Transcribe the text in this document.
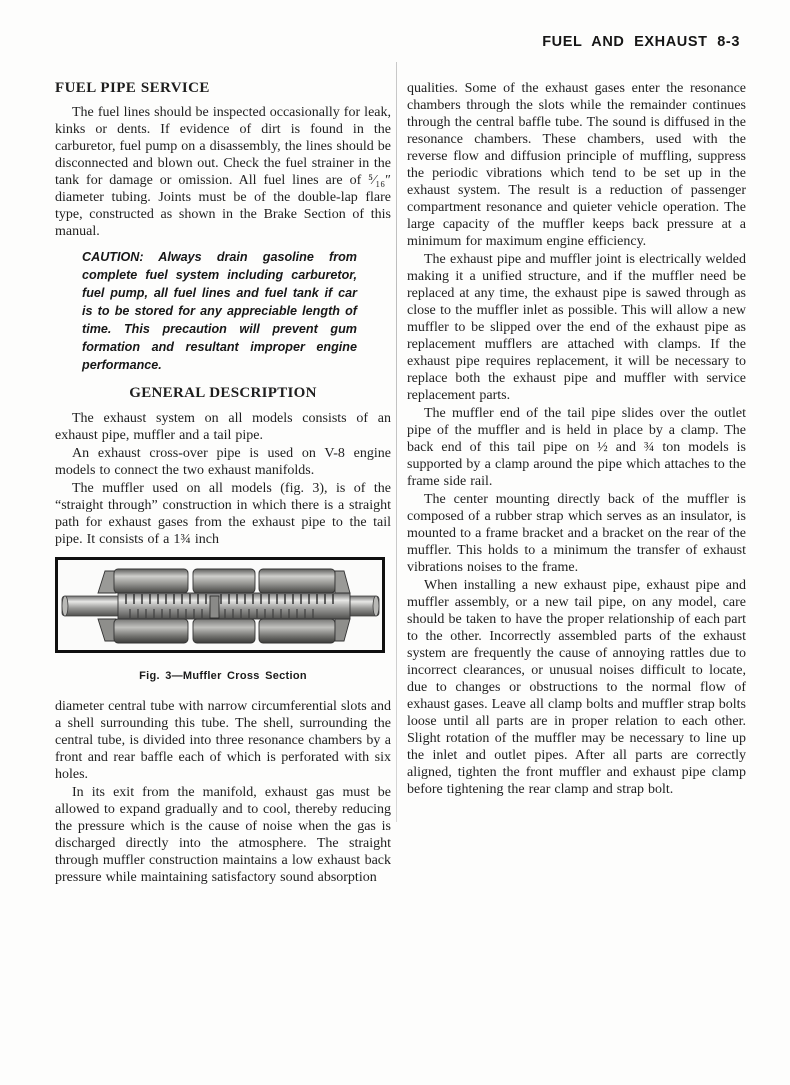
FUEL AND EXHAUST 8-3
FUEL PIPE SERVICE

The fuel lines should be inspected occasionally for leak, kinks or dents. If evidence of dirt is found in the carburetor, fuel pump on a disassembly, the lines should be disconnected and blown out. Check the fuel strainer in the tank for damage or omission. All fuel lines are of ⁵⁄₁₆″ diameter tubing. Joints must be of the double-lap flare type, constructed as shown in the Brake Section of this manual.

CAUTION: Always drain gasoline from complete fuel system including carburetor, fuel pump, all fuel lines and fuel tank if car is to be stored for any appreciable length of time. This precaution will prevent gum formation and resultant improper engine performance.

GENERAL DESCRIPTION

The exhaust system on all models consists of an exhaust pipe, muffler and a tail pipe.

An exhaust cross-over pipe is used on V-8 engine models to connect the two exhaust manifolds.

The muffler used on all models (fig. 3), is of the “straight through” construction in which there is a straight path for exhaust gases from the exhaust pipe to the tail pipe. It consists of a 1¾ inch

Fig. 3—Muffler Cross Section

diameter central tube with narrow circumferential slots and a shell surrounding this tube. The shell, surrounding the central tube, is divided into three resonance chambers by a front and rear baffle each of which is perforated with six holes.

In its exit from the manifold, exhaust gas must be allowed to expand gradually and to cool, thereby reducing the pressure which is the cause of noise when the gas is discharged directly into the atmosphere. The straight through muffler construction maintains a low exhaust back pressure while maintaining satisfactory sound absorption

qualities. Some of the exhaust gases enter the resonance chambers through the slots while the remainder continues through the central baffle tube. The sound is diffused in the resonance chambers. These chambers, used with the reverse flow and diffusion principle of muffling, suppress the periodic vibrations which tend to be set up in the exhaust system. The result is a reduction of passenger compartment resonance and quieter vehicle operation. The large capacity of the muffler keeps back pressure at a minimum for maximum engine efficiency.

The exhaust pipe and muffler joint is electrically welded making it a unified structure, and if the muffler need be replaced at any time, the exhaust pipe is sawed through as close to the muffler inlet as possible. This will allow a new muffler to be slipped over the end of the exhaust pipe as replacement mufflers are attached with clamps. If the exhaust pipe requires replacement, it will be necessary to replace both the exhaust pipe and muffler with service replacement parts.

The muffler end of the tail pipe slides over the outlet pipe of the muffler and is held in place by a clamp. The back end of this tail pipe on ½ and ¾ ton models is supported by a clamp around the pipe which attaches to the frame side rail.

The center mounting directly back of the muffler is composed of a rubber strap which serves as an insulator, is mounted to a frame bracket and a bracket on the rear of the muffler. This holds to a minimum the transfer of exhaust vibrations noises to the frame.

When installing a new exhaust pipe, exhaust pipe and muffler assembly, or a new tail pipe, on any model, care should be taken to have the proper relationship of each part to the other. Incorrectly assembled parts of the exhaust system are frequently the cause of annoying rattles due to incorrect clearances, or unusual noises difficult to locate, due to changes or obstructions to the normal flow of exhaust gases. Leave all clamp bolts and muffler strap bolts loose until all parts are in proper relation to each other. Slight rotation of the muffler may be necessary to line up the inlet and outlet pipes. After all parts are correctly aligned, tighten the front muffler and exhaust pipe clamp before tightening the rear clamp and strap bolt.
